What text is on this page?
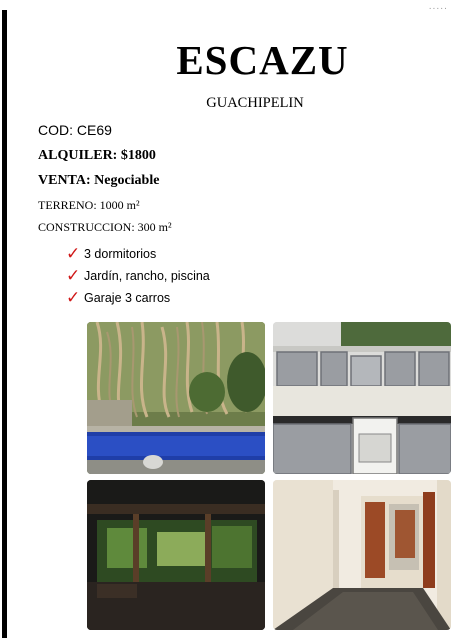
.....
ESCAZU
GUACHIPELIN
COD: CE69
ALQUILER: $1800
VENTA: Negociable
TERRENO: 1000 m²
CONSTRUCCION: 300 m²
✓ 3 dormitorios
✓ Jardín, rancho, piscina
✓ Garaje 3 carros
